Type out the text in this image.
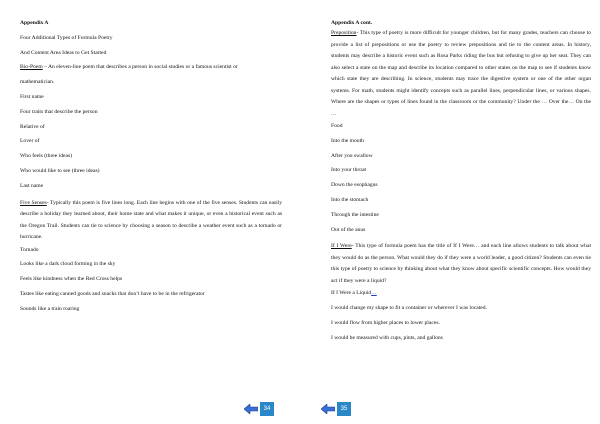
Appendix A

Four Additional Types of Formula Poetry

And Content Area Ideas to Get Started

Bio-Poem – An eleven-line poem that describes a person in social studies or a famous scientist or

mathematician.

First name

Four traits that describe the person

Relative of

Lover of

Who feels (three ideas)

Who would like to see (three ideas)

Last name

Five Senses- Typically this poem is five lines long. Each line begins with one of the five senses. Students can easily describe a holiday they learned about, their home state and what makes it unique, or even a historical event such as the Oregon Trail. Students can tie to science by choosing a season to describe a weather event such as a tornado or hurricane.

Tornado

Looks like a dark cloud forming in the sky

Feels like kindness when the Red Cross helps

Tastes like eating canned goods and snacks that don’t have to be in the refrigerator

Sounds like a train roaring

Appendix A cont.

Preposition- This type of poetry is more difficult for younger children, but for many grades, teachers can choose to provide a list of prepositions or use the poetry to review prepositions and tie to the content areas. In history, students may describe a historic event such as Rosa Parks riding the bus but refusing to give up her seat. They can also select a state on the map and describe its location compared to other states on the map to see if students know which state they are describing. In science, students may trace the digestive system or one of the other organ systems. For math, students might identify concepts such as parallel lines, perpendicular lines, or various shapes. Where are the shapes or types of lines found in the classroom or the community? Under the … Over the… On the …

Food

Into the mouth

After you swallow

Into your throat

Down the esophagus

Into the stomach

Through the intestine

Out of the anus

If I Were- This type of formula poem has the title of If I Were… and each line allows students to talk about what they would do as the person. What would they do if they were a world leader, a good citizen? Students can even tie this type of poetry to science by thinking about what they know about specific scientific concepts. How would they act if they were a liquid?

If I Were a Liquid…

I would change my shape to fit a container or wherever I was located.

I would flow from higher places to lower places.

I would be measured with cups, pints, and gallons

34	35
